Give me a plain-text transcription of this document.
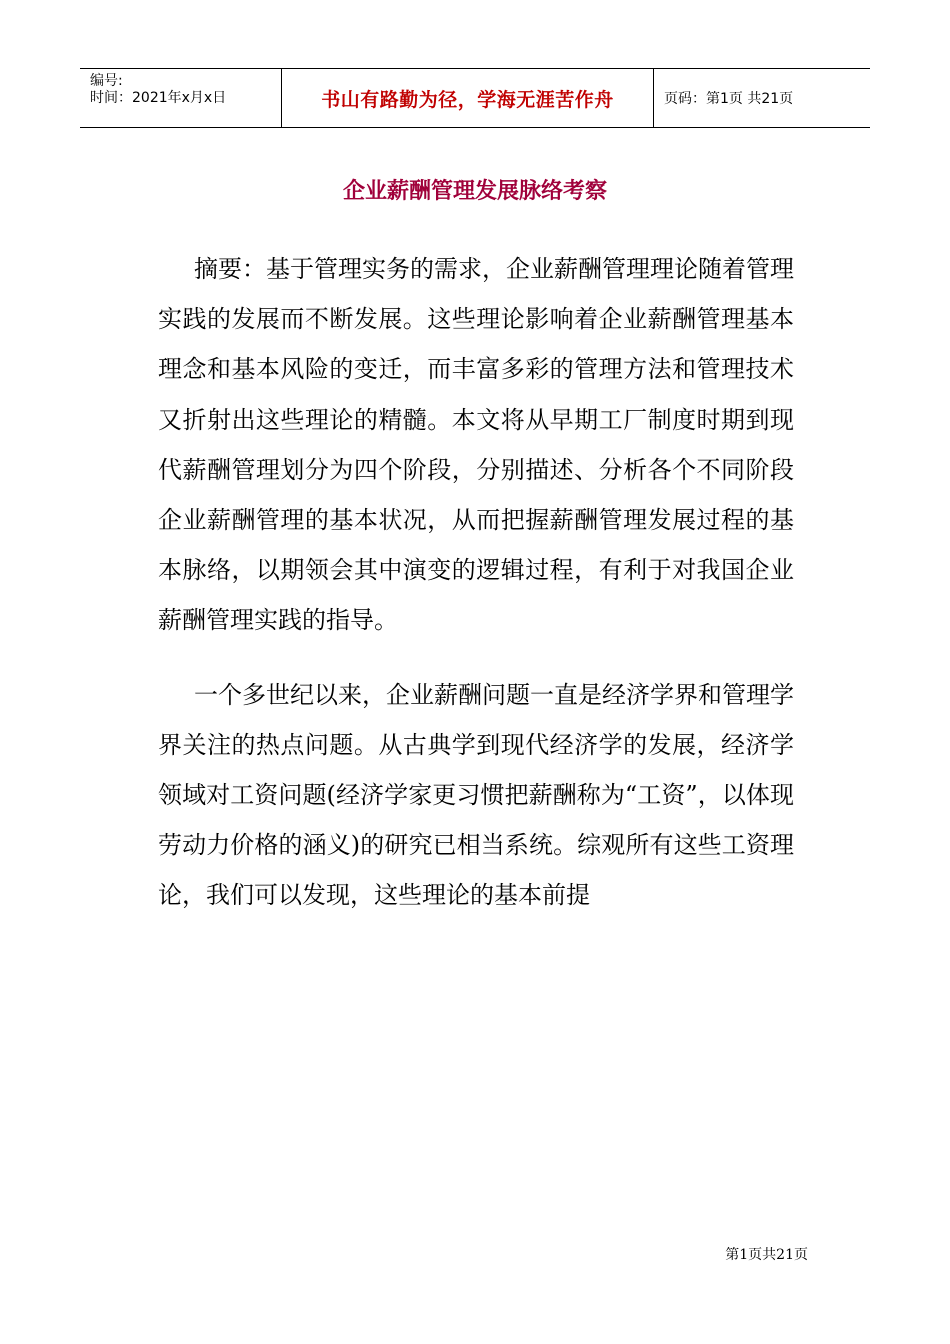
编号:
时间：2021年x月x日	书山有路勤为径，学海无涯苦作舟	页码：第1页 共21页
企业薪酬管理发展脉络考察

摘要：基于管理实务的需求，企业薪酬管理理论随着管理实践的发展而不断发展。这些理论影响着企业薪酬管理基本理念和基本风险的变迁，而丰富多彩的管理方法和管理技术又折射出这些理论的精髓。本文将从早期工厂制度时期到现代薪酬管理划分为四个阶段，分别描述、分析各个不同阶段企业薪酬管理的基本状况，从而把握薪酬管理发展过程的基本脉络，以期领会其中演变的逻辑过程，有利于对我国企业薪酬管理实践的指导。

一个多世纪以来，企业薪酬问题一直是经济学界和管理学界关注的热点问题。从古典学到现代经济学的发展，经济学领域对工资问题(经济学家更习惯把薪酬称为“工资”，以体现劳动力价格的涵义)的研究已相当系统。综观所有这些工资理论，我们可以发现，这些理论的基本前提

第1页共21页
